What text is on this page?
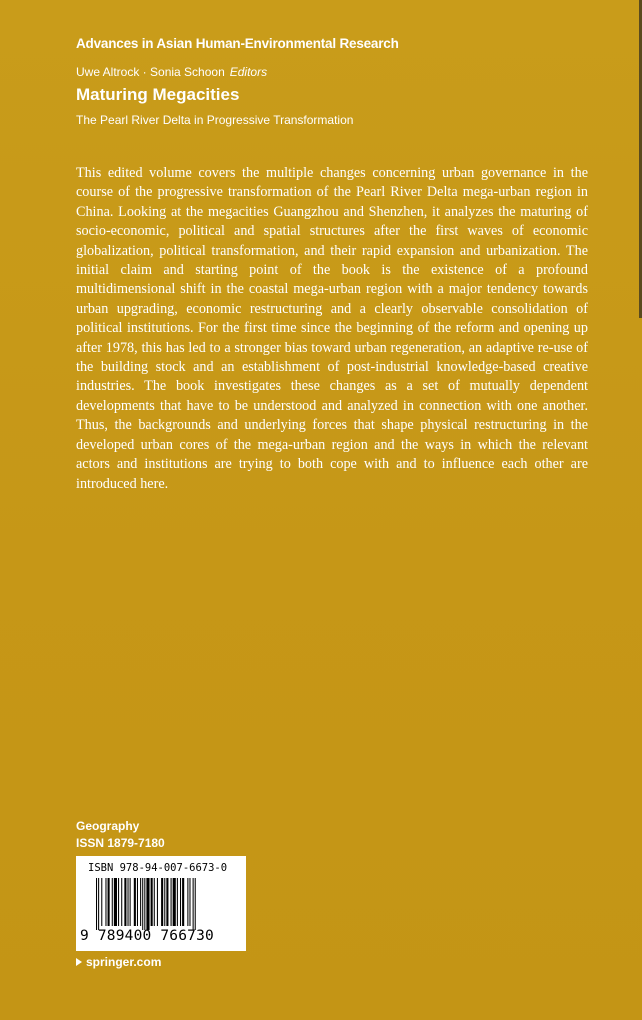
Advances in Asian Human-Environmental Research
Uwe Altrock · Sonia Schoon Editors
Maturing Megacities
The Pearl River Delta in Progressive Transformation

This edited volume covers the multiple changes concerning urban governance in the course of the progressive transformation of the Pearl River Delta mega-urban region in China. Looking at the megacities Guangzhou and Shenzhen, it analyzes the maturing of socio-economic, political and spatial structures after the first waves of economic globalization, political transformation, and their rapid expansion and urbanization. The initial claim and starting point of the book is the existence of a profound multidimensional shift in the coastal mega-urban region with a major tendency towards urban upgrading, economic restructuring and a clearly observable consolidation of political institutions. For the first time since the beginning of the reform and opening up after 1978, this has led to a stronger bias toward urban regeneration, an adaptive re-use of the building stock and an establishment of post-industrial knowledge-based creative industries. The book investigates these changes as a set of mutually dependent developments that have to be understood and analyzed in connection with one another. Thus, the backgrounds and underlying forces that shape physical restructuring in the developed urban cores of the mega-urban region and the ways in which the relevant actors and institutions are trying to both cope with and to influence each other are introduced here.

Geography
ISSN 1879-7180
ISBN 978-94-007-6673-0
9 789400 766730
springer.com
